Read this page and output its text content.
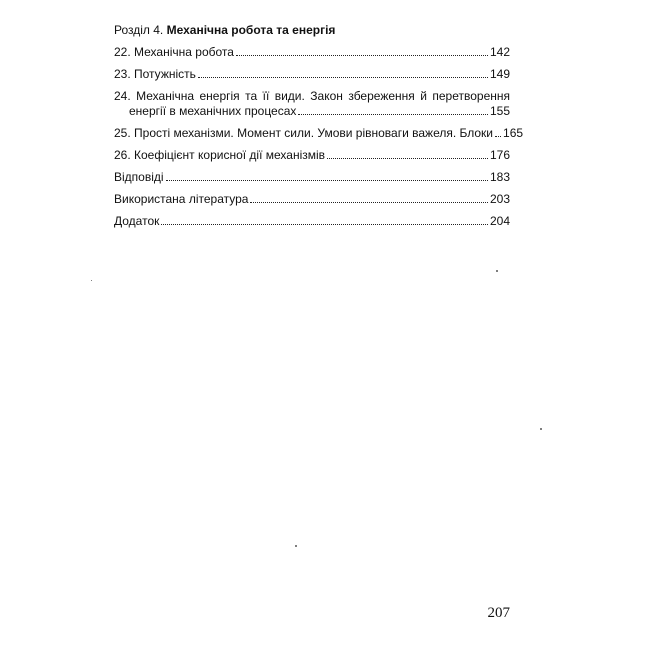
Розділ 4. Механічна робота та енергія
22. Механічна робота	142
23. Потужність	149
24. Механічна енергія та її види. Закон збереження й перетворення
енергії в механічних процесах	155
25. Прості механізми. Момент сили. Умови рівноваги важеля. Блоки 165
26. Коефіцієнт корисної дії механізмів	176
Відповіді	183
Використана література	203
Додаток	204
207
